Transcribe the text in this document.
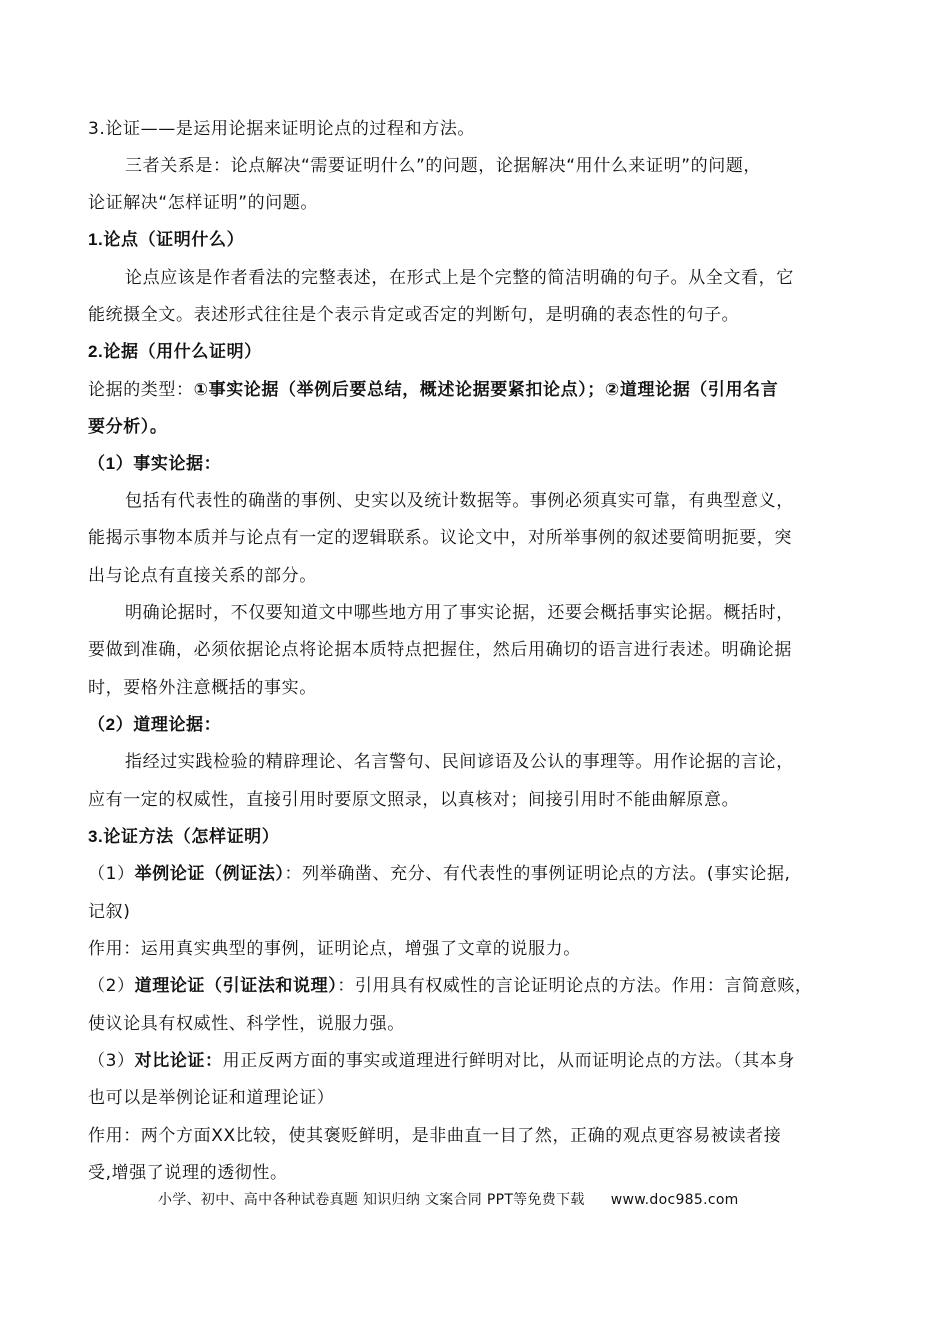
3.论证——是运用论据来证明论点的过程和方法。
三者关系是：论点解决“需要证明什么”的问题，论据解决“用什么来证明”的问题，
论证解决“怎样证明”的问题。
1.论点（证明什么）
论点应该是作者看法的完整表述，在形式上是个完整的简洁明确的句子。从全文看，它
能统摄全文。表述形式往往是个表示肯定或否定的判断句，是明确的表态性的句子。
2.论据（用什么证明）
论据的类型：①事实论据（举例后要总结，概述论据要紧扣论点）；②道理论据（引用名言
要分析）。
（1）事实论据：
包括有代表性的确凿的事例、史实以及统计数据等。事例必须真实可靠，有典型意义，
能揭示事物本质并与论点有一定的逻辑联系。议论文中，对所举事例的叙述要简明扼要，突
出与论点有直接关系的部分。
明确论据时，不仅要知道文中哪些地方用了事实论据，还要会概括事实论据。概括时，
要做到准确，必须依据论点将论据本质特点把握住，然后用确切的语言进行表述。明确论据
时，要格外注意概括的事实。
（2）道理论据：
指经过实践检验的精辟理论、名言警句、民间谚语及公认的事理等。用作论据的言论，
应有一定的权威性，直接引用时要原文照录，以真核对；间接引用时不能曲解原意。
3.论证方法（怎样证明）
（1）举例论证（例证法）：列举确凿、充分、有代表性的事例证明论点的方法。(事实论据,
记叙)
作用：运用真实典型的事例，证明论点，增强了文章的说服力。
（2）道理论证（引证法和说理）：引用具有权威性的言论证明论点的方法。作用：言简意赅，
使议论具有权威性、科学性，说服力强。
（3）对比论证：用正反两方面的事实或道理进行鲜明对比，从而证明论点的方法。（其本身
也可以是举例论证和道理论证）
作用：两个方面XX比较，使其褒贬鲜明，是非曲直一目了然，正确的观点更容易被读者接
受,增强了说理的透彻性。
小学、初中、高中各种试卷真题 知识归纳 文案合同 PPT等免费下载 www.doc985.com
